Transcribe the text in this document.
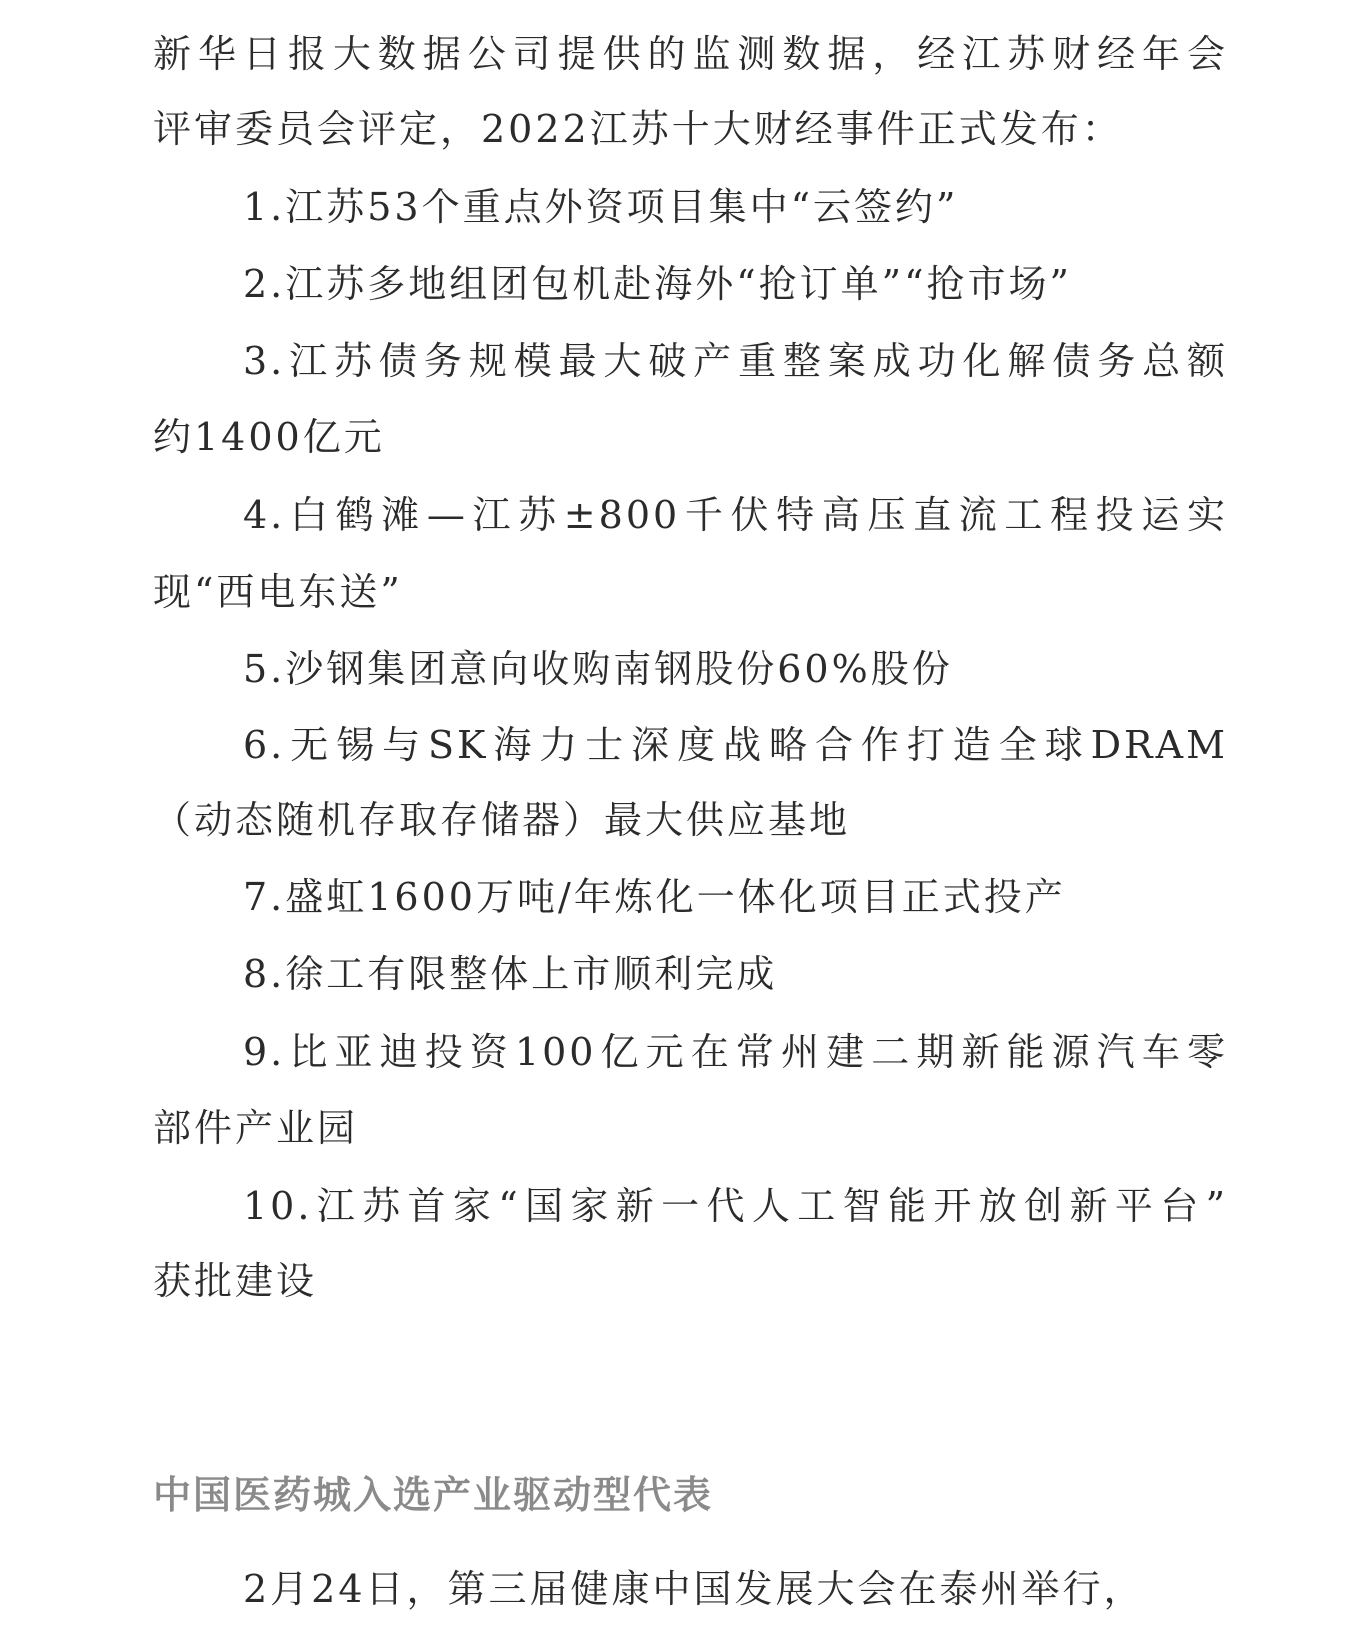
新华日报大数据公司提供的监测数据，经江苏财经年会
评审委员会评定，2022江苏十大财经事件正式发布：
1.江苏53个重点外资项目集中“云签约”
2.江苏多地组团包机赴海外“抢订单”“抢市场”
3.江苏债务规模最大破产重整案成功化解债务总额
约1400亿元
4.白鹤滩—江苏±800千伏特高压直流工程投运实
现“西电东送”
5.沙钢集团意向收购南钢股份60%股份
6.无锡与SK海力士深度战略合作打造全球DRAM
（动态随机存取存储器）最大供应基地
7.盛虹1600万吨/年炼化一体化项目正式投产
8.徐工有限整体上市顺利完成
9.比亚迪投资100亿元在常州建二期新能源汽车零
部件产业园
10.江苏首家“国家新一代人工智能开放创新平台”
获批建设
中国医药城入选产业驱动型代表
2月24日，第三届健康中国发展大会在泰州举行，
